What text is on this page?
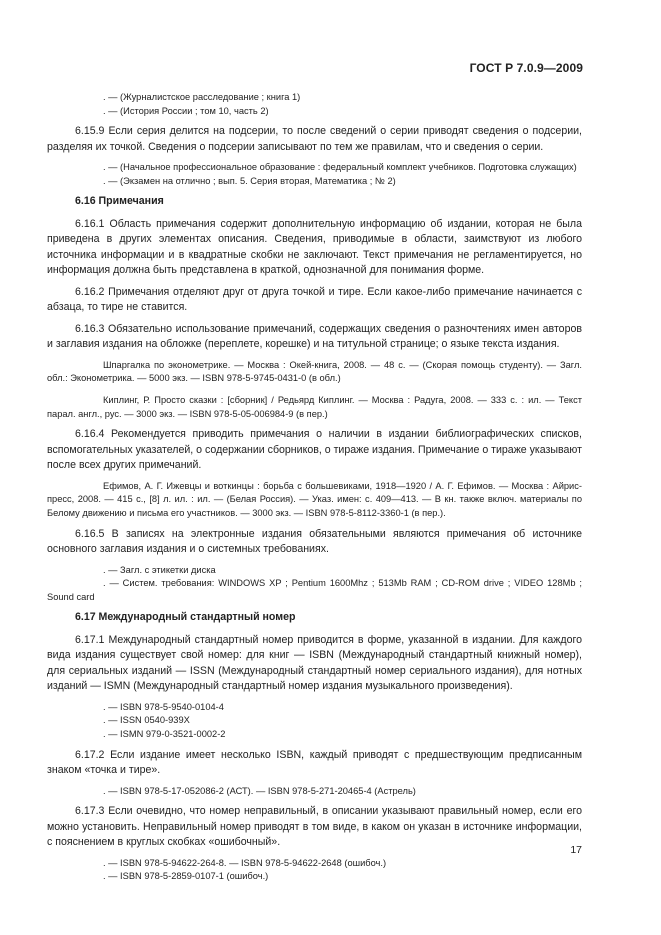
ГОСТ Р 7.0.9—2009
. — (Журналистское расследование ; книга 1)
. — (История России ; том 10, часть 2)

6.15.9 Если серия делится на подсерии, то после сведений о серии приводят сведения о подсерии, разделяя их точкой. Сведения о подсерии записывают по тем же правилам, что и сведения о серии.

. — (Начальное профессиональное образование : федеральный комплект учебников. Подготовка служащих)

. — (Экзамен на отлично ; вып. 5. Серия вторая, Математика ; № 2)

6.16 Примечания

6.16.1 Область примечания содержит дополнительную информацию об издании, которая не была приведена в других элементах описания. Сведения, приводимые в области, заимствуют из любого источника информации и в квадратные скобки не заключают. Текст примечания не регламентируется, но информация должна быть представлена в краткой, однозначной для понимания форме.

6.16.2 Примечания отделяют друг от друга точкой и тире. Если какое-либо примечание начинается с абзаца, то тире не ставится.

6.16.3 Обязательно использование примечаний, содержащих сведения о разночтениях имен авторов и заглавия издания на обложке (переплете, корешке) и на титульной странице; о языке текста издания.

Шпаргалка по эконометрике. — Москва : Окей-книга, 2008. — 48 с. — (Скорая помощь студенту). — Загл. обл.: Эконометрика. — 5000 экз. — ISBN 978-5-9745-0431-0 (в обл.)

Киплинг, Р. Просто сказки : [сборник] / Редьярд Киплинг. — Москва : Радуга, 2008. — 333 с. : ил. — Текст парал. англ., рус. — 3000 экз. — ISBN 978-5-05-006984-9 (в пер.)

6.16.4 Рекомендуется приводить примечания о наличии в издании библиографических списков, вспомогательных указателей, о содержании сборников, о тираже издания. Примечание о тираже указывают после всех других примечаний.

Ефимов, А. Г. Ижевцы и воткинцы : борьба с большевиками, 1918—1920 / А. Г. Ефимов. — Москва : Айрис-пресс, 2008. — 415 с., [8] л. ил. : ил. — (Белая Россия). — Указ. имен: с. 409—413. — В кн. также включ. материалы по Белому движению и письма его участников. — 3000 экз. — ISBN 978-5-8112-3360-1 (в пер.).

6.16.5 В записях на электронные издания обязательными являются примечания об источнике основного заглавия издания и о системных требованиях.

. — Загл. с этикетки диска

. — Систем. требования: WINDOWS XP ; Pentium 1600Mhz ; 513Mb RAM ; CD-ROM drive ; VIDEO 128Mb ; Sound card

6.17 Международный стандартный номер

6.17.1 Международный стандартный номер приводится в форме, указанной в издании. Для каждого вида издания существует свой номер: для книг — ISBN (Международный стандартный книжный номер), для сериальных изданий — ISSN (Международный стандартный номер сериального издания), для нотных изданий — ISMN (Международный стандартный номер издания музыкального произведения).

. — ISBN 978-5-9540-0104-4
. — ISSN 0540-939X
. — ISMN 979-0-3521-0002-2

6.17.2 Если издание имеет несколько ISBN, каждый приводят с предшествующим предписанным знаком «точка и тире».

. — ISBN 978-5-17-052086-2 (АСТ). — ISBN 978-5-271-20465-4 (Астрель)

6.17.3 Если очевидно, что номер неправильный, в описании указывают правильный номер, если его можно установить. Неправильный номер приводят в том виде, в каком он указан в источнике информации, с пояснением в круглых скобках «ошибочный».

. — ISBN 978-5-94622-264-8. — ISBN 978-5-94622-2648 (ошибоч.)
. — ISBN 978-5-2859-0107-1 (ошибоч.)
17
